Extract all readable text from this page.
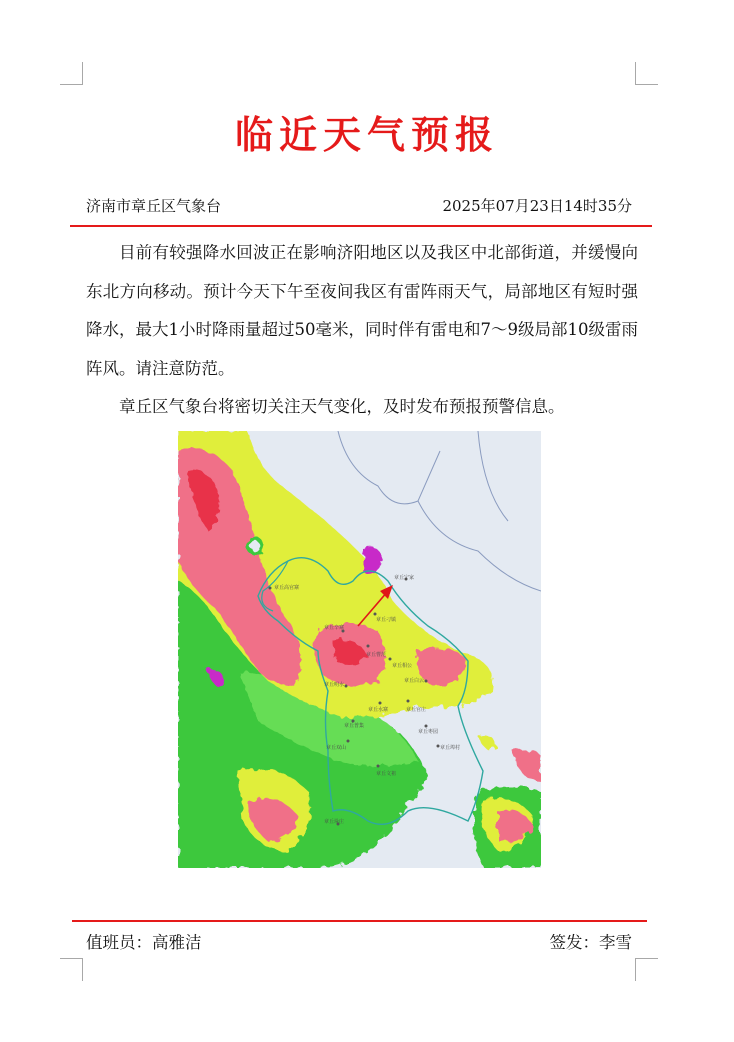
临近天气预报
济南市章丘区气象台	2025年07月23日14时35分

目前有较强降水回波正在影响济阳地区以及我区中北部街道，并缓慢向东北方向移动。预计今天下午至夜间我区有雷阵雨天气，局部地区有短时强降水，最大1小时降雨量超过50毫米，同时伴有雷电和7～9级局部10级雷雨阵风。请注意防范。

章丘区气象台将密切关注天气变化，及时发布预报预警信息。

章丘宁家
章丘高官寨
章丘垛庄
章丘白云
章丘刁镇
章丘辛寨
章丘明水
章丘枣园
章丘双山	章丘埠村
章丘文祖
章丘官庄
章丘曹范
章丘普集
章丘相公
章丘水寨
值班员：高雅洁	签发：李雪
